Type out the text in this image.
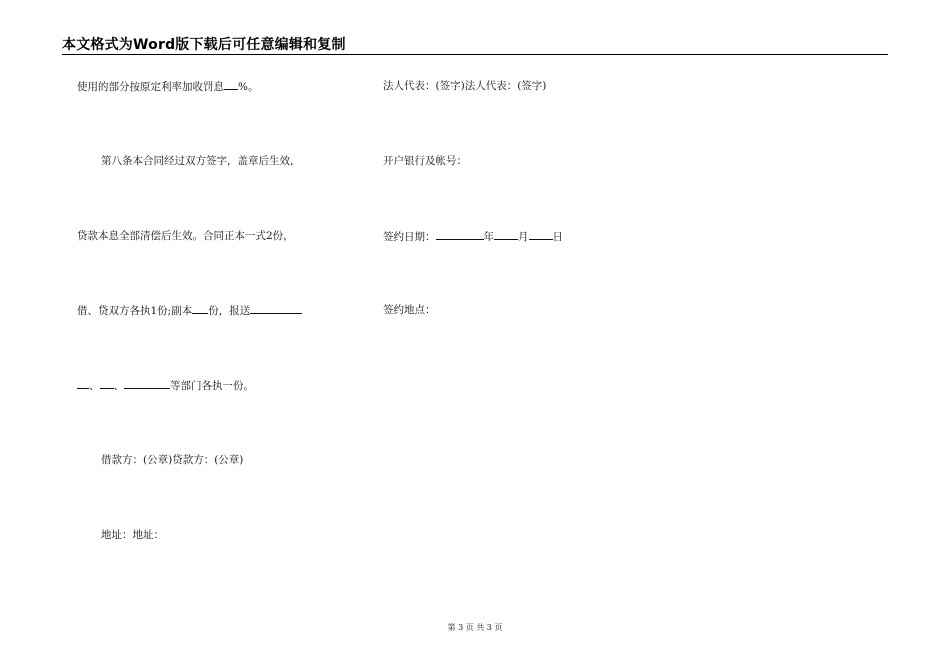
本文格式为Word版下载后可任意编辑和复制
使用的部分按原定利率加收罚息 %。
第八条本合同经过双方签字，盖章后生效，
贷款本息全部清偿后生效。合同正本一式2份，
借、贷双方各执1份;副本 份，报送
、 、	等部门各执一份。
借款方：(公章)贷款方：(公章)
地址：地址：
法人代表：(签字)法人代表：(签字)
开户银行及帐号：
签约日期：	年 月 日
签约地点：
第 3 页 共 3 页
